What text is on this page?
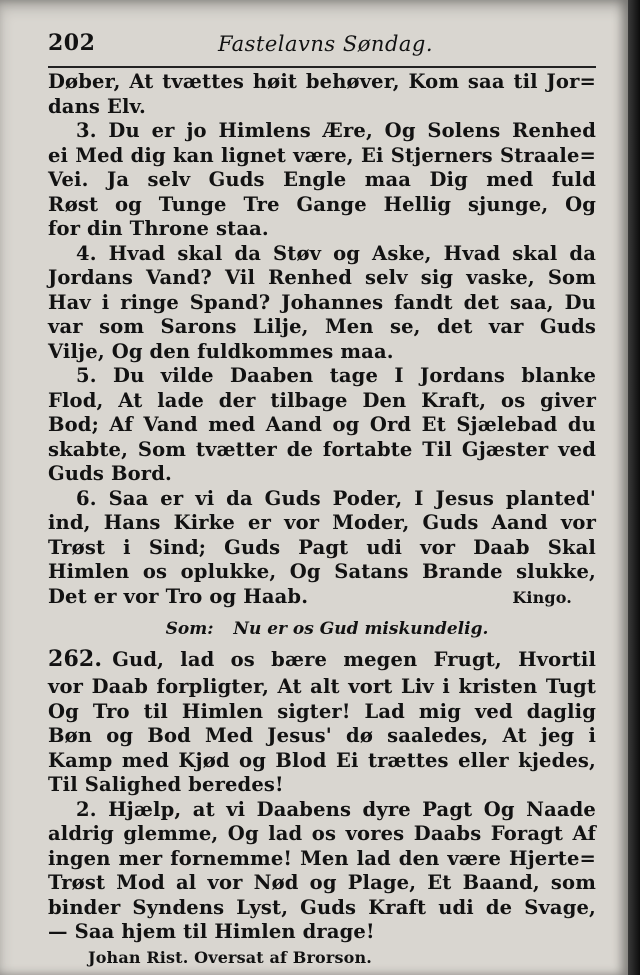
202	Fastelavns Søndag.
Døber, At tvættes høit behøver, Kom saa til Jor=
dans Elv.
3. Du er jo Himlens Ære, Og Solens Renhed
ei Med dig kan lignet være, Ei Stjerners Straale=
Vei. Ja selv Guds Engle maa Dig med fuld
Røst og Tunge Tre Gange Hellig sjunge, Og
for din Throne staa.
4. Hvad skal da Støv og Aske, Hvad skal da
Jordans Vand? Vil Renhed selv sig vaske, Som
Hav i ringe Spand? Johannes fandt det saa, Du
var som Sarons Lilje, Men se, det var Guds
Vilje, Og den fuldkommes maa.
5. Du vilde Daaben tage I Jordans blanke
Flod, At lade der tilbage Den Kraft, os giver
Bod; Af Vand med Aand og Ord Et Sjælebad du
skabte, Som tvætter de fortabte Til Gjæster ved
Guds Bord.
6. Saa er vi da Guds Poder, I Jesus planted'
ind, Hans Kirke er vor Moder, Guds Aand vor
Trøst i Sind; Guds Pagt udi vor Daab Skal
Himlen os oplukke, Og Satans Brande slukke,
Det er vor Tro og Haab.	Kingo.
Som: Nu er os Gud miskundelig.
262. Gud, lad os bære megen Frugt, Hvortil
vor Daab forpligter, At alt vort Liv i kristen Tugt
Og Tro til Himlen sigter! Lad mig ved daglig
Bøn og Bod Med Jesus' dø saaledes, At jeg i
Kamp med Kjød og Blod Ei trættes eller kjedes,
Til Salighed beredes!
2. Hjælp, at vi Daabens dyre Pagt Og Naade
aldrig glemme, Og lad os vores Daabs Foragt Af
ingen mer fornemme! Men lad den være Hjerte=
Trøst Mod al vor Nød og Plage, Et Baand, som
binder Syndens Lyst, Guds Kraft udi de Svage,
— Saa hjem til Himlen drage!
Johan Rist. Oversat af Brorson.
